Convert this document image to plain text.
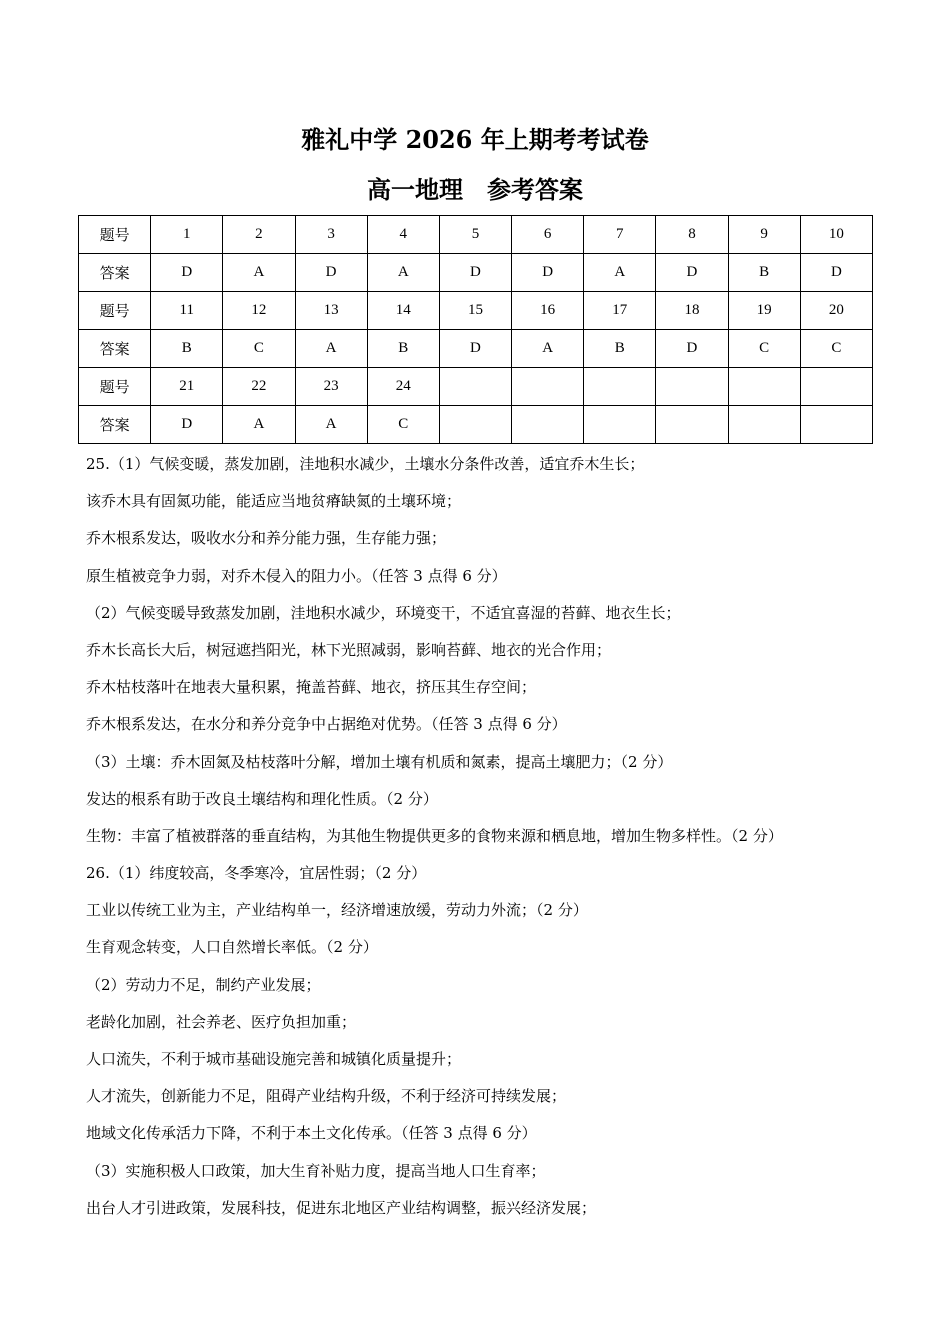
雅礼中学 2026 年上期考考试卷
高一地理　参考答案
题号	1	2	3	4	5	6	7	8	9	10
答案	D	A	D	A	D	D	A	D	B	D
题号	11	12	13	14	15	16	17	18	19	20
答案	B	C	A	B	D	A	B	D	C	C
题号	21	22	23	24						
答案	D	A	A	C						

25.（1）气候变暖，蒸发加剧，洼地积水减少，土壤水分条件改善，适宜乔木生长；

该乔木具有固氮功能，能适应当地贫瘠缺氮的土壤环境；

乔木根系发达，吸收水分和养分能力强，生存能力强；

原生植被竞争力弱，对乔木侵入的阻力小。（任答 3 点得 6 分）

（2）气候变暖导致蒸发加剧，洼地积水减少，环境变干，不适宜喜湿的苔藓、地衣生长；

乔木长高长大后，树冠遮挡阳光，林下光照减弱，影响苔藓、地衣的光合作用；

乔木枯枝落叶在地表大量积累，掩盖苔藓、地衣，挤压其生存空间；

乔木根系发达，在水分和养分竞争中占据绝对优势。（任答 3 点得 6 分）

（3）土壤：乔木固氮及枯枝落叶分解，增加土壤有机质和氮素，提高土壤肥力；（2 分）

发达的根系有助于改良土壤结构和理化性质。（2 分）

生物：丰富了植被群落的垂直结构，为其他生物提供更多的食物来源和栖息地，增加生物多样性。（2 分）

26.（1）纬度较高，冬季寒冷，宜居性弱；（2 分）

工业以传统工业为主，产业结构单一，经济增速放缓，劳动力外流；（2 分）

生育观念转变，人口自然增长率低。（2 分）

（2）劳动力不足，制约产业发展；

老龄化加剧，社会养老、医疗负担加重；

人口流失，不利于城市基础设施完善和城镇化质量提升；

人才流失，创新能力不足，阻碍产业结构升级，不利于经济可持续发展；

地域文化传承活力下降，不利于本土文化传承。（任答 3 点得 6 分）

（3）实施积极人口政策，加大生育补贴力度，提高当地人口生育率；

出台人才引进政策，发展科技，促进东北地区产业结构调整，振兴经济发展；
